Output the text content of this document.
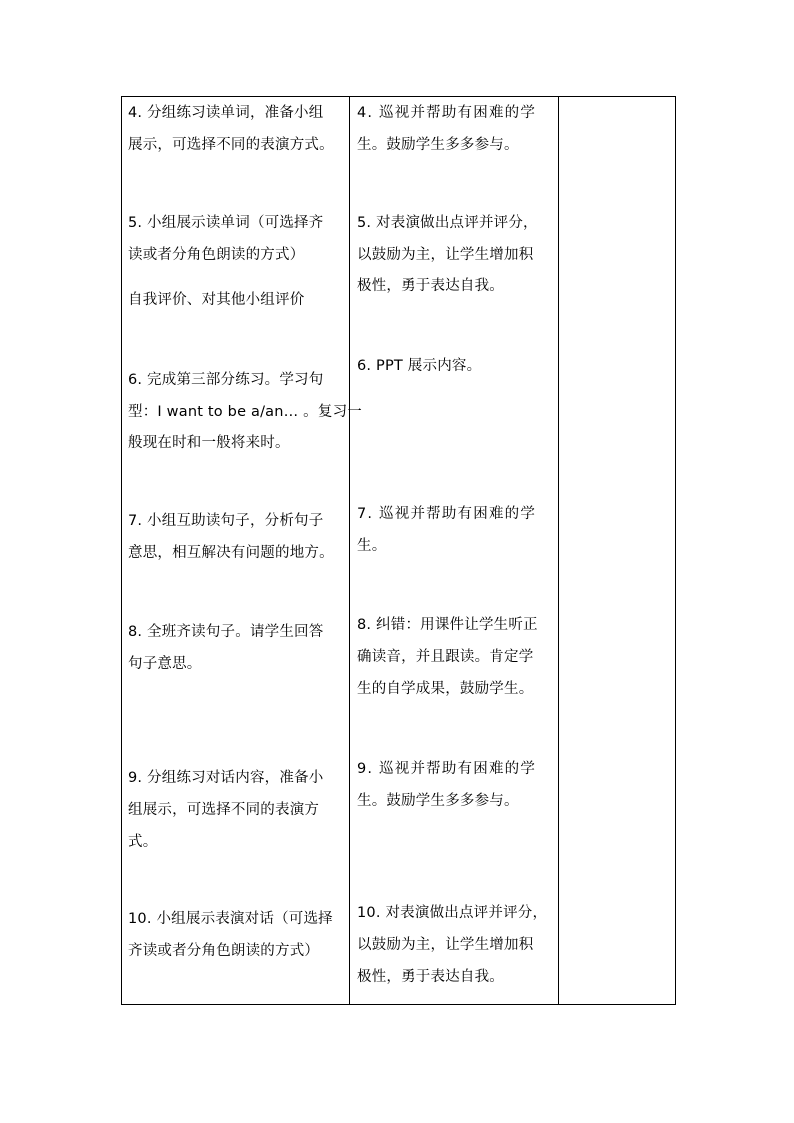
4. 分组练习读单词，准备小组

展示，可选择不同的表演方式。

5. 小组展示读单词（可选择齐

读或者分角色朗读的方式）

自我评价、对其他小组评价

6. 完成第三部分练习。学习句

型：I want to be a/an… 。复习一

般现在时和一般将来时。

7. 小组互助读句子，分析句子

意思，相互解决有问题的地方。

8. 全班齐读句子。请学生回答

句子意思。

9. 分组练习对话内容，准备小

组展示，可选择不同的表演方

式。

10. 小组展示表演对话（可选择

齐读或者分角色朗读的方式）

4. 巡视并帮助有困难的学

生。鼓励学生多多参与。

5. 对表演做出点评并评分，

以鼓励为主，让学生增加积

极性，勇于表达自我。

6. PPT 展示内容。

7. 巡视并帮助有困难的学

生。

8. 纠错：用课件让学生听正

确读音，并且跟读。肯定学

生的自学成果，鼓励学生。

9. 巡视并帮助有困难的学

生。鼓励学生多多参与。

10. 对表演做出点评并评分，

以鼓励为主，让学生增加积

极性，勇于表达自我。
